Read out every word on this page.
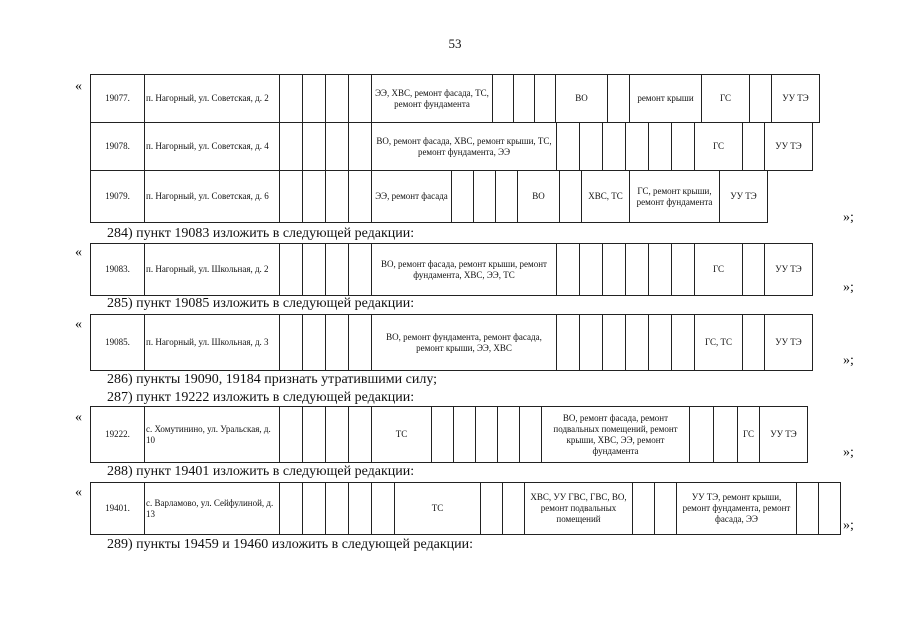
53
«
19077.	п. Нагорный, ул. Советская, д. 2					ЭЭ, ХВС, ремонт фасада, ТС, ремонт фундамента				ВО		ремонт крыши	ГС		УУ ТЭ
19078.	п. Нагорный, ул. Советская, д. 4					ВО, ремонт фасада, ХВС, ремонт крыши, ТС, ремонт фундамента, ЭЭ							ГС		УУ ТЭ
19079.	п. Нагорный, ул. Советская, д. 6					ЭЭ, ремонт фасада				ВО		ХВС, ТС	ГС, ремонт крыши, ремонт фундамента	УУ ТЭ
»;
284) пункт 19083 изложить в следующей редакции:
«
19083.	п. Нагорный, ул. Школьная, д. 2					ВО, ремонт фасада, ремонт крыши, ремонт фундамента, ХВС, ЭЭ, ТС							ГС		УУ ТЭ
»;
285) пункт 19085 изложить в следующей редакции:
«
19085.	п. Нагорный, ул. Школьная, д. 3					ВО, ремонт фундамента, ремонт фасада, ремонт крыши, ЭЭ, ХВС							ГС, ТС		УУ ТЭ
»;
286) пункты 19090, 19184 признать утратившими силу;
287) пункт 19222 изложить в следующей редакции:
«
19222.	с. Хомутинино, ул. Уральская, д. 10					ТС						ВО, ремонт фасада, ремонт подвальных помещений, ремонт крыши, ХВС, ЭЭ, ремонт фундамента			ГС	УУ ТЭ
»;
288) пункт 19401 изложить в следующей редакции:
«
19401.	с. Варламово, ул. Сейфулиной, д. 13						ТС			ХВС, УУ ГВС, ГВС, ВО, ремонт подвальных помещений			УУ ТЭ, ремонт крыши, ремонт фундамента, ремонт фасада, ЭЭ			»;
289) пункты 19459 и 19460 изложить в следующей редакции:
